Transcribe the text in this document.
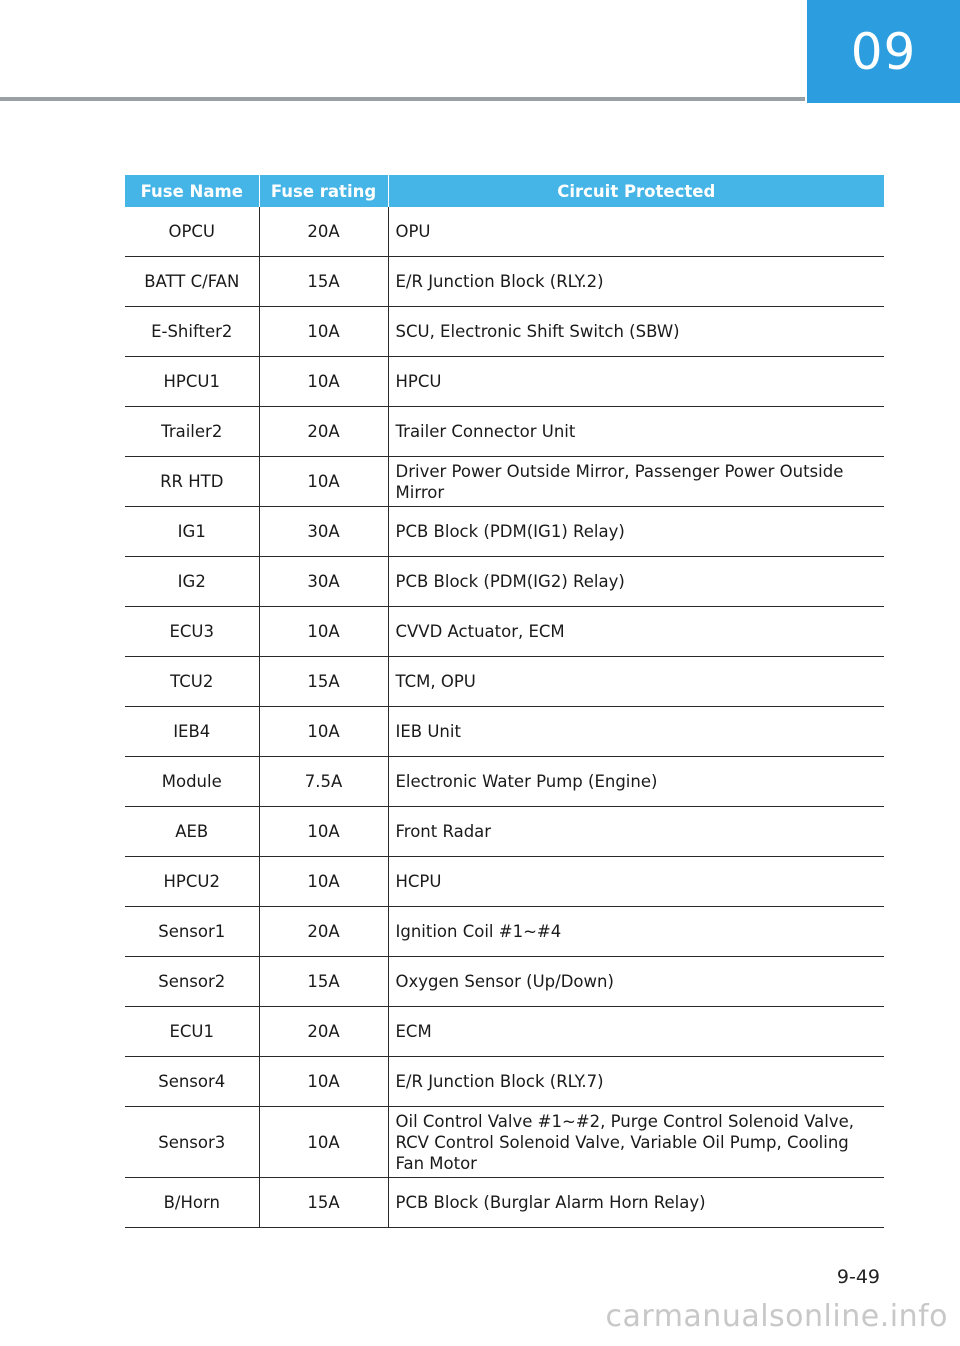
09
Fuse Name	Fuse rating	Circuit Protected
OPCU	20A	OPU
BATT C/FAN	15A	E/R Junction Block (RLY.2)
E-Shifter2	10A	SCU, Electronic Shift Switch (SBW)
HPCU1	10A	HPCU
Trailer2	20A	Trailer Connector Unit
RR HTD	10A	Driver Power Outside Mirror, Passenger Power Outside Mirror
IG1	30A	PCB Block (PDM(IG1) Relay)
IG2	30A	PCB Block (PDM(IG2) Relay)
ECU3	10A	CVVD Actuator, ECM
TCU2	15A	TCM, OPU
IEB4	10A	IEB Unit
Module	7.5A	Electronic Water Pump (Engine)
AEB	10A	Front Radar
HPCU2	10A	HCPU
Sensor1	20A	Ignition Coil #1~#4
Sensor2	15A	Oxygen Sensor (Up/Down)
ECU1	20A	ECM
Sensor4	10A	E/R Junction Block (RLY.7)
Sensor3	10A	Oil Control Valve #1~#2, Purge Control Solenoid Valve, RCV Control Solenoid Valve, Variable Oil Pump, Cooling Fan Motor
B/Horn	15A	PCB Block (Burglar Alarm Horn Relay)
9-49
carmanualsonline.info
